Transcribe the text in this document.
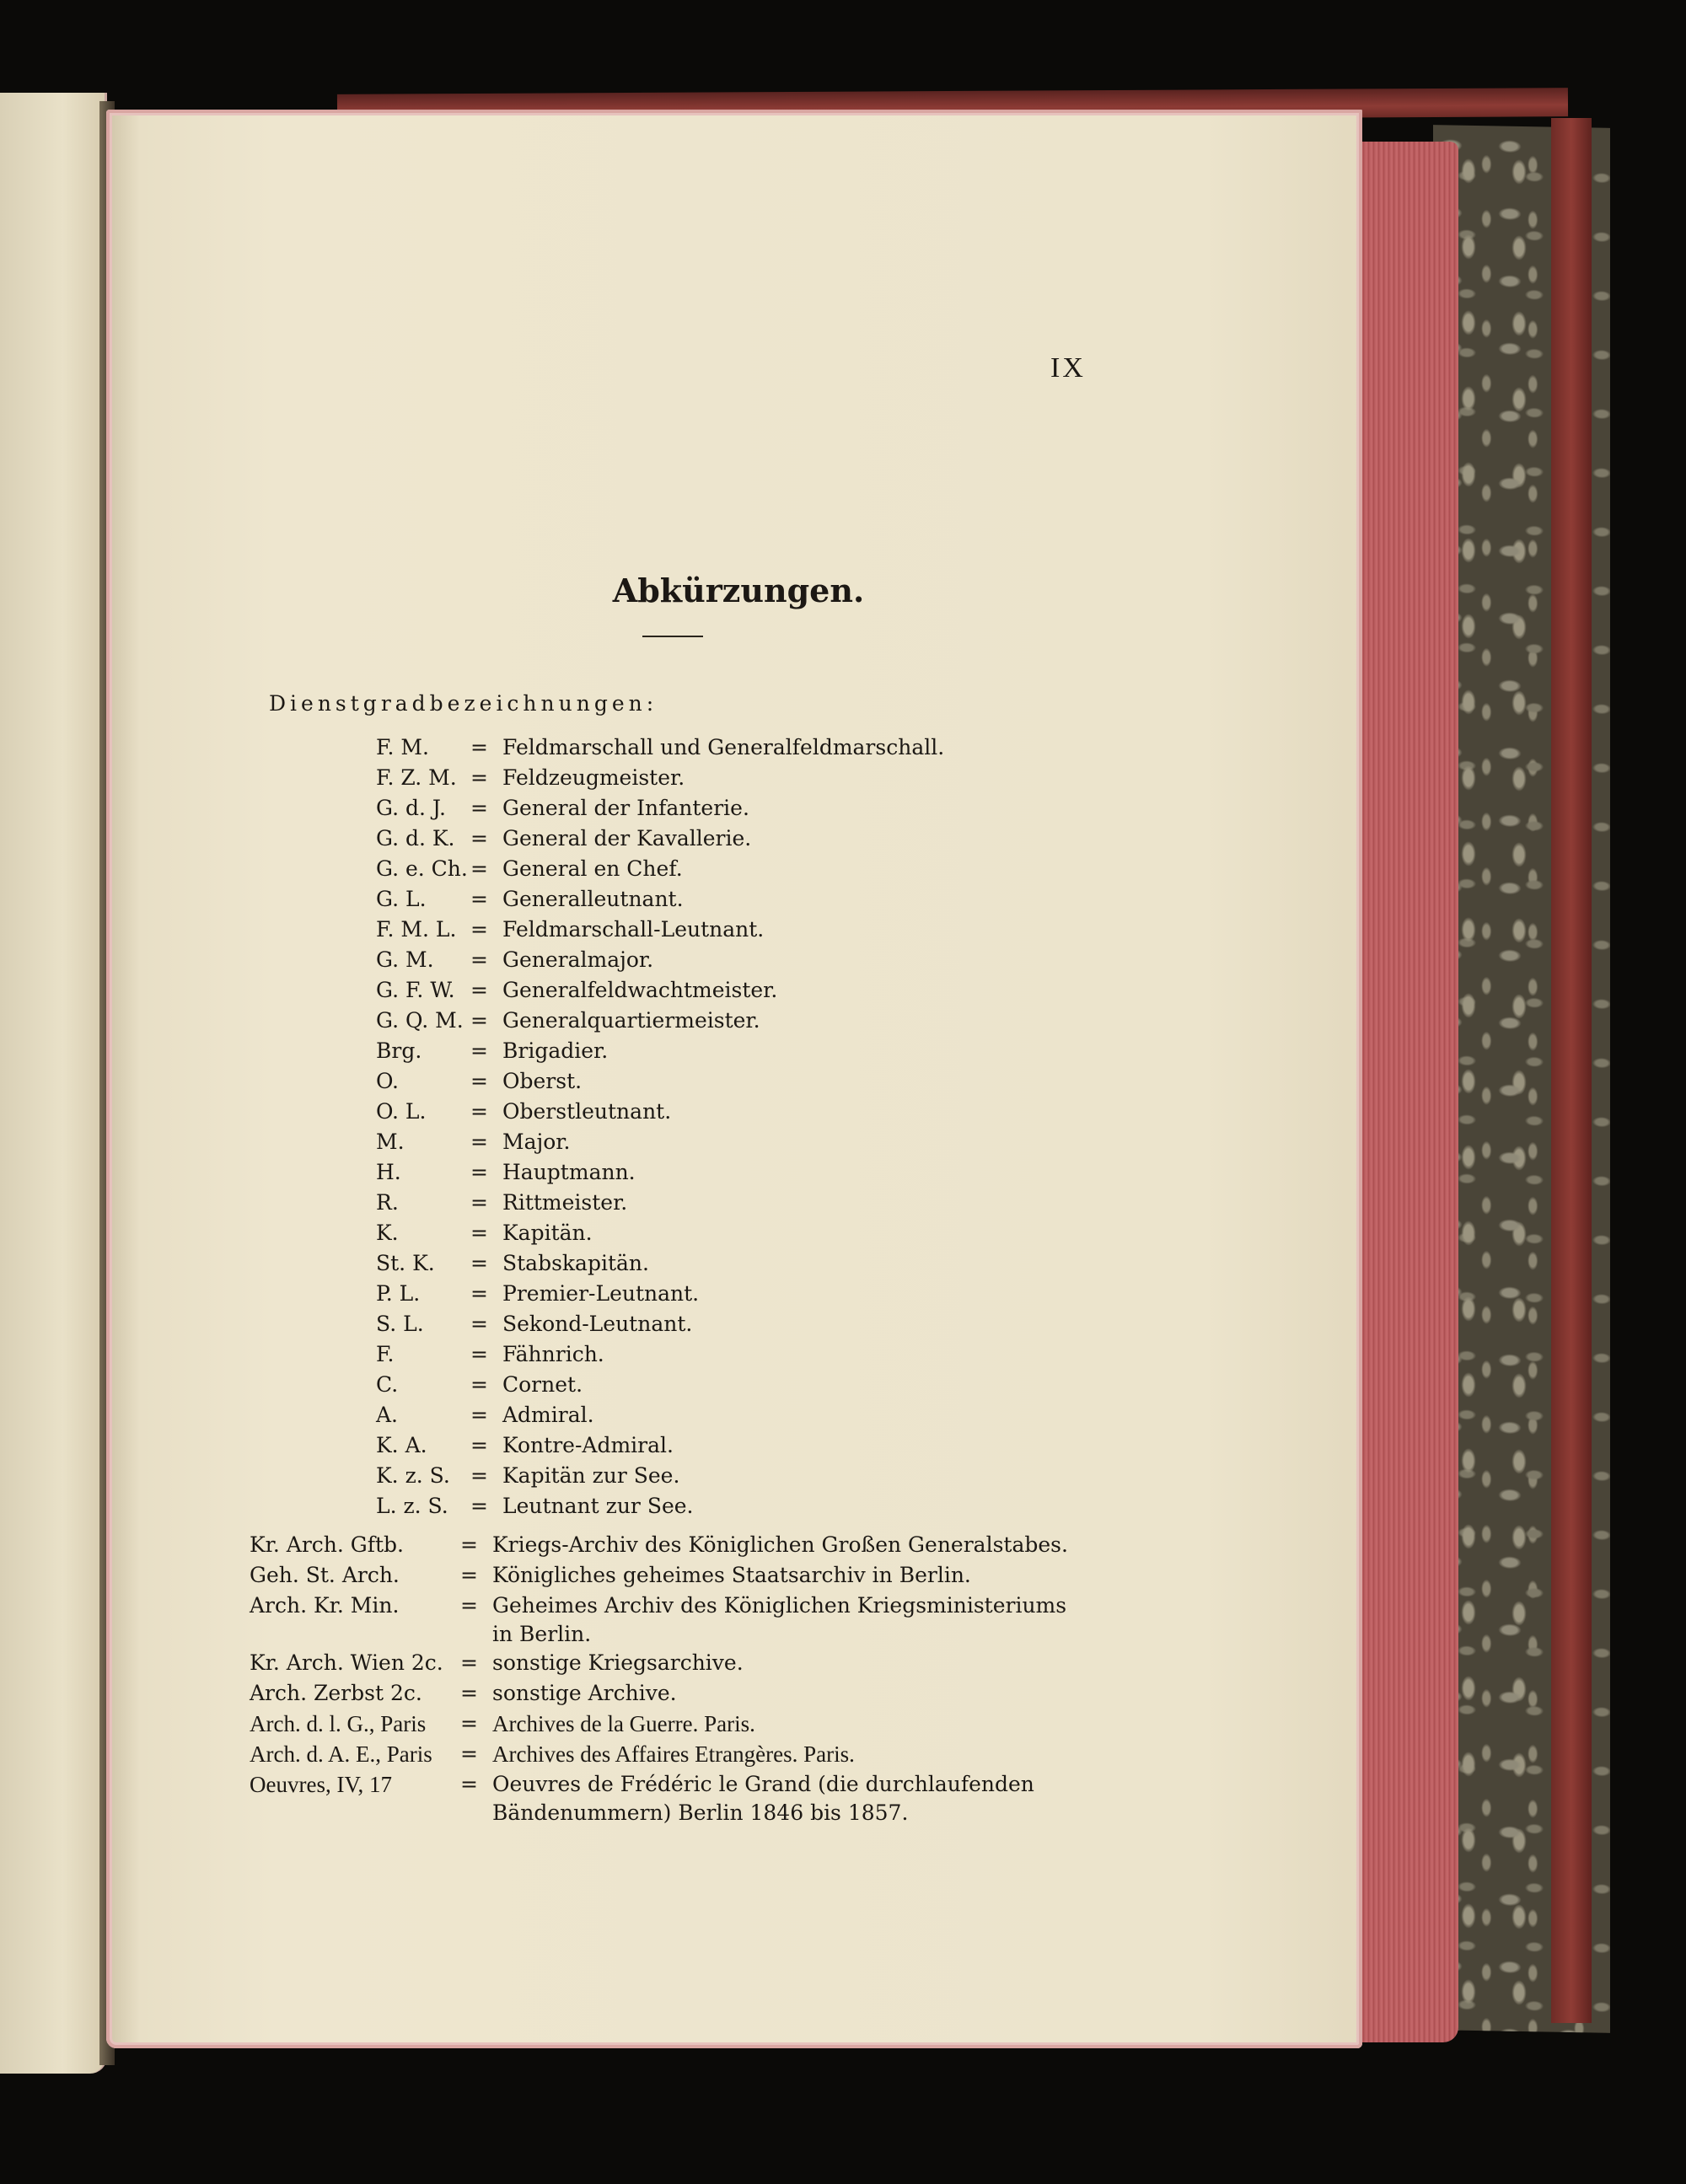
IX
Abkürzungen.
Dienstgradbezeichnungen:
F. M.	= Feldmarschall und Generalfeldmarschall.
F. Z. M. = Feldzeugmeister.
G. d. J.	= General der Infanterie.
G. d. K. = General der Kavallerie.
G. e. Ch. = General en Chef.
G. L.	= Generalleutnant.
F. M. L. = Feldmarschall-Leutnant.
G. M.	= Generalmajor.
G. F. W. = Generalfeldwachtmeister.
G. Q. M. = Generalquartiermeister.
Brg.	= Brigadier.
O.	= Oberst.
O. L.	= Oberstleutnant.
M.	= Major.
H.	= Hauptmann.
R.	= Rittmeister.
K.	= Kapitän.
St. K.	= Stabskapitän.
P. L.	= Premier-Leutnant.
S. L.	= Sekond-Leutnant.
F.	= Fähnrich.
C.	= Cornet.
A.	= Admiral.
K. A.	= Kontre-Admiral.
K. z. S. = Kapitän zur See.
L. z. S.	= Leutnant zur See.
Kr. Arch. Gftb.	= Kriegs-Archiv des Königlichen Großen Generalstabes.
Geh. St. Arch.	= Königliches geheimes Staatsarchiv in Berlin.
Arch. Kr. Min.	= Geheimes Archiv des Königlichen Kriegsministeriums in Berlin.
Kr. Arch. Wien 2c. = sonstige Kriegsarchive.
Arch. Zerbst 2c.	= sonstige Archive.
Arch. d. l. G., Paris	= Archives de la Guerre. Paris.
Arch. d. A. E., Paris	= Archives des Affaires Etrangères. Paris.
Oeuvres, IV, 17	= Oeuvres de Frédéric le Grand (die durchlaufenden Bändenummern) Berlin 1846 bis 1857.
